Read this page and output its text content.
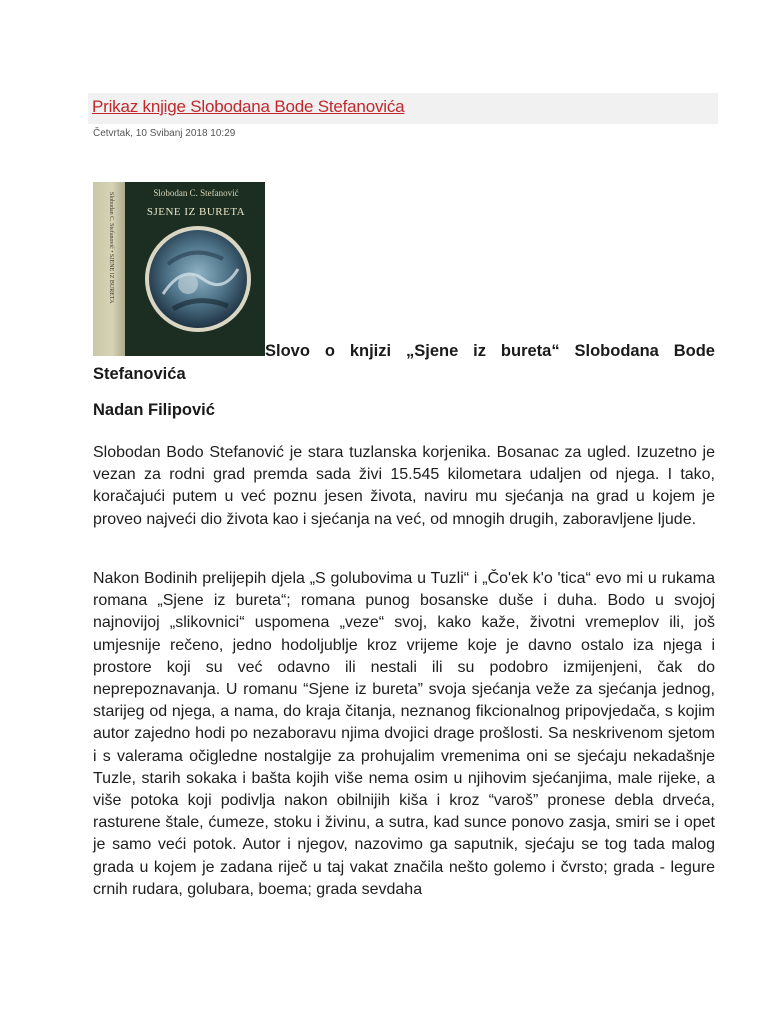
Prikaz knjige Slobodana Bode Stefanovića
Četvrtak, 10 Svibanj 2018 10:29
Slobodan C. Stefanović • SJENE IZ BURETA	Slobodan C. Stefanović
SJENE IZ BURETA
Slovo o knjizi „Sjene iz bureta“ Slobodana Bode Stefanovića
Nadan Filipović

Slobodan Bodo Stefanović je stara tuzlanska korjenika. Bosanac za ugled. Izuzetno je vezan za rodni grad premda sada živi 15.545 kilometara udaljen od njega. I tako, koračajući putem u već poznu jesen života, naviru mu sjećanja na grad u kojem je proveo najveći dio života kao i sjećanja na već, od mnogih drugih, zaboravljene ljude.

Nakon Bodinih prelijepih djela „S golubovima u Tuzli“ i „Čo'ek k'o 'tica“ evo mi u rukama romana „Sjene iz bureta“; romana punog bosanske duše i duha. Bodo u svojoj najnovijoj „slikovnici“ uspomena „veze“ svoj, kako kaže, životni vremeplov ili, još umjesnije rečeno, jedno hodoljublje kroz vrijeme koje je davno ostalo iza njega i prostore koji su već odavno ili nestali ili su podobro izmijenjeni, čak do neprepoznavanja. U romanu “Sjene iz bureta” svoja sjećanja veže za sjećanja jednog, starijeg od njega, a nama, do kraja čitanja, neznanog fikcionalnog pripovjedača, s kojim autor zajedno hodi po nezaboravu njima dvojici drage prošlosti. Sa neskrivenom sjetom i s valerama očigledne nostalgije za prohujalim vremenima oni se sjećaju nekadašnje Tuzle, starih sokaka i bašta kojih više nema osim u njihovim sjećanjima, male rijeke, a više potoka koji podivlja nakon obilnijih kiša i kroz “varoš” pronese debla drveća, rasturene štale, ćumeze, stoku i živinu, a sutra, kad sunce ponovo zasja, smiri se i opet je samo veći potok. Autor i njegov, nazovimo ga saputnik, sjećaju se tog tada malog grada u kojem je zadana riječ u taj vakat značila nešto golemo i čvrsto; grada - legure crnih rudara, golubara, boema; grada sevdaha
